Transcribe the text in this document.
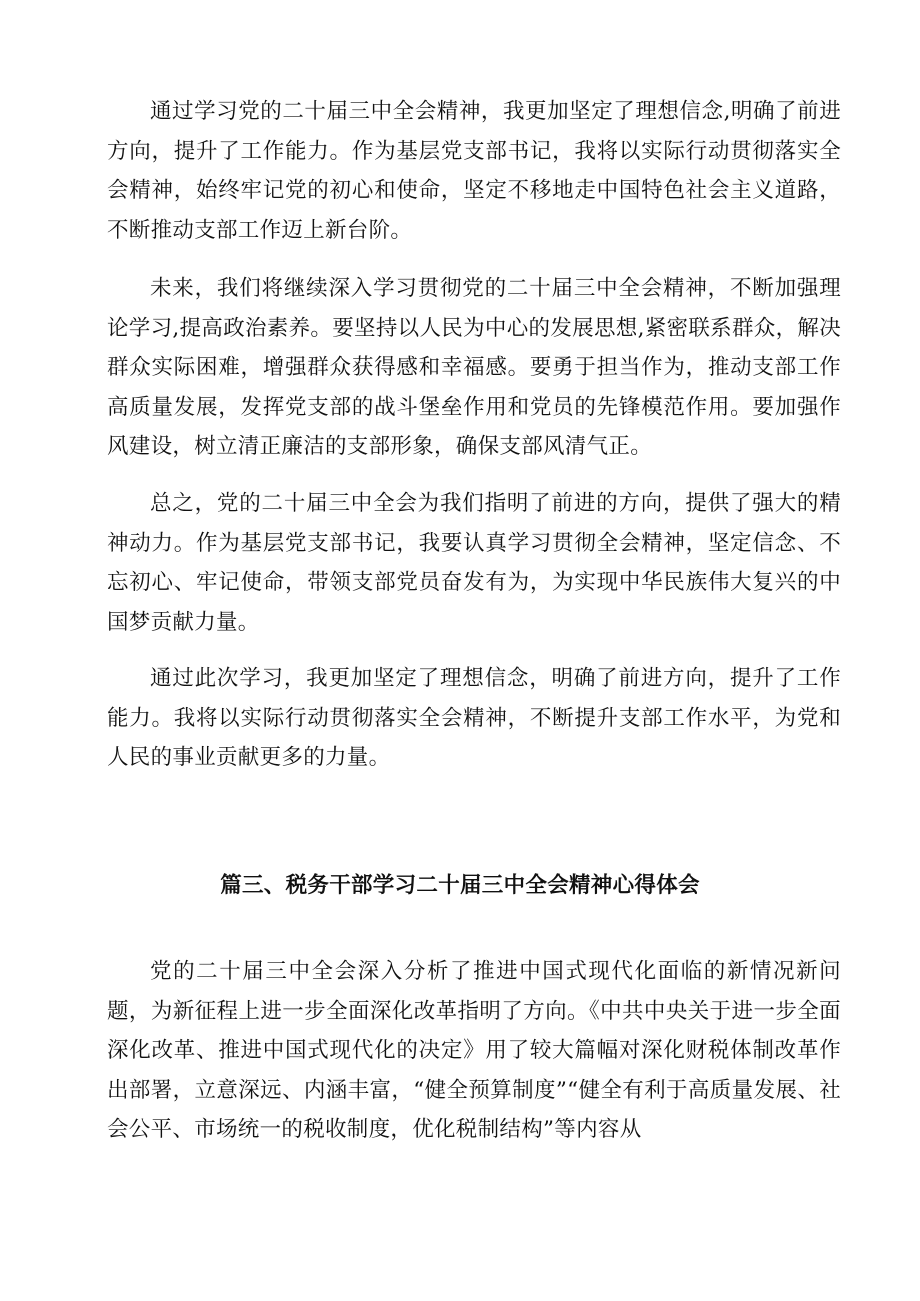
通过学习党的二十届三中全会精神，我更加坚定了理想信念,明确了前进方向，提升了工作能力。作为基层党支部书记，我将以实际行动贯彻落实全会精神，始终牢记党的初心和使命，坚定不移地走中国特色社会主义道路，不断推动支部工作迈上新台阶。

未来，我们将继续深入学习贯彻党的二十届三中全会精神，不断加强理论学习,提高政治素养。要坚持以人民为中心的发展思想,紧密联系群众，解决群众实际困难，增强群众获得感和幸福感。要勇于担当作为，推动支部工作高质量发展，发挥党支部的战斗堡垒作用和党员的先锋模范作用。要加强作风建设，树立清正廉洁的支部形象，确保支部风清气正。

总之，党的二十届三中全会为我们指明了前进的方向，提供了强大的精神动力。作为基层党支部书记，我要认真学习贯彻全会精神，坚定信念、不忘初心、牢记使命，带领支部党员奋发有为，为实现中华民族伟大复兴的中国梦贡献力量。

通过此次学习，我更加坚定了理想信念，明确了前进方向，提升了工作能力。我将以实际行动贯彻落实全会精神，不断提升支部工作水平，为党和人民的事业贡献更多的力量。

篇三、税务干部学习二十届三中全会精神心得体会

党的二十届三中全会深入分析了推进中国式现代化面临的新情况新问题，为新征程上进一步全面深化改革指明了方向。《中共中央关于进一步全面深化改革、推进中国式现代化的决定》用了较大篇幅对深化财税体制改革作出部署，立意深远、内涵丰富，“健全预算制度”“健全有利于高质量发展、社会公平、市场统一的税收制度，优化税制结构”等内容从
